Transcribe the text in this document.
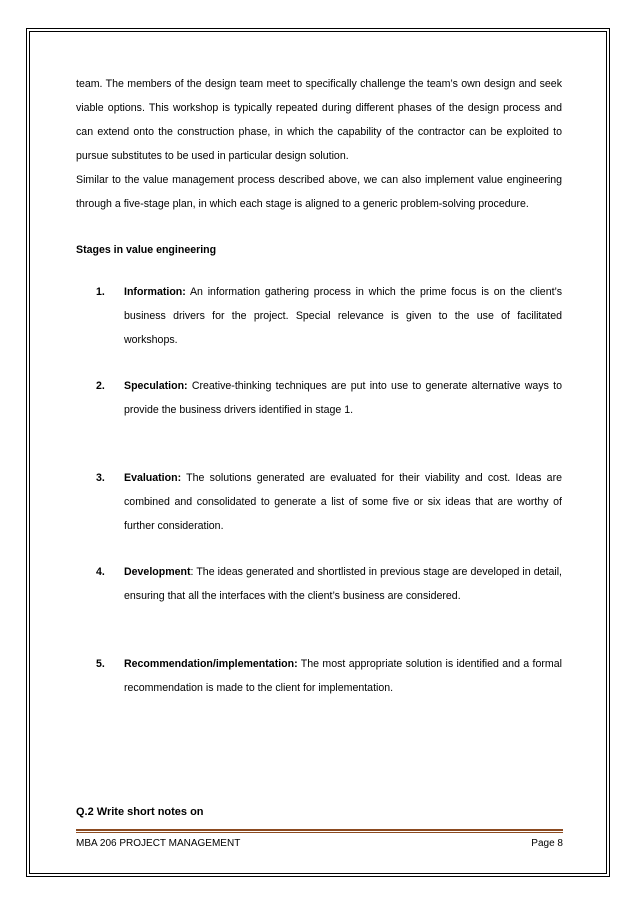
team. The members of the design team meet to specifically challenge the team’s own design and seek viable options. This workshop is typically repeated during different phases of the design process and can extend onto the construction phase, in which the capability of the contractor can be exploited to pursue substitutes to be used in particular design solution.

Similar to the value management process described above, we can also implement value engineering through a five-stage plan, in which each stage is aligned to a generic problem-solving procedure.

Stages in value engineering

1. Information: An information gathering process in which the prime focus is on the client’s business drivers for the project. Special relevance is given to the use of facilitated workshops.
2. Speculation: Creative-thinking techniques are put into use to generate alternative ways to provide the business drivers identified in stage 1.
3. Evaluation: The solutions generated are evaluated for their viability and cost. Ideas are combined and consolidated to generate a list of some five or six ideas that are worthy of further consideration.
4. Development: The ideas generated and shortlisted in previous stage are developed in detail, ensuring that all the interfaces with the client’s business are considered.
5. Recommendation/implementation: The most appropriate solution is identified and a formal recommendation is made to the client for implementation.
Q.2 Write short notes on
MBA 206 PROJECT MANAGEMENT	Page 8
